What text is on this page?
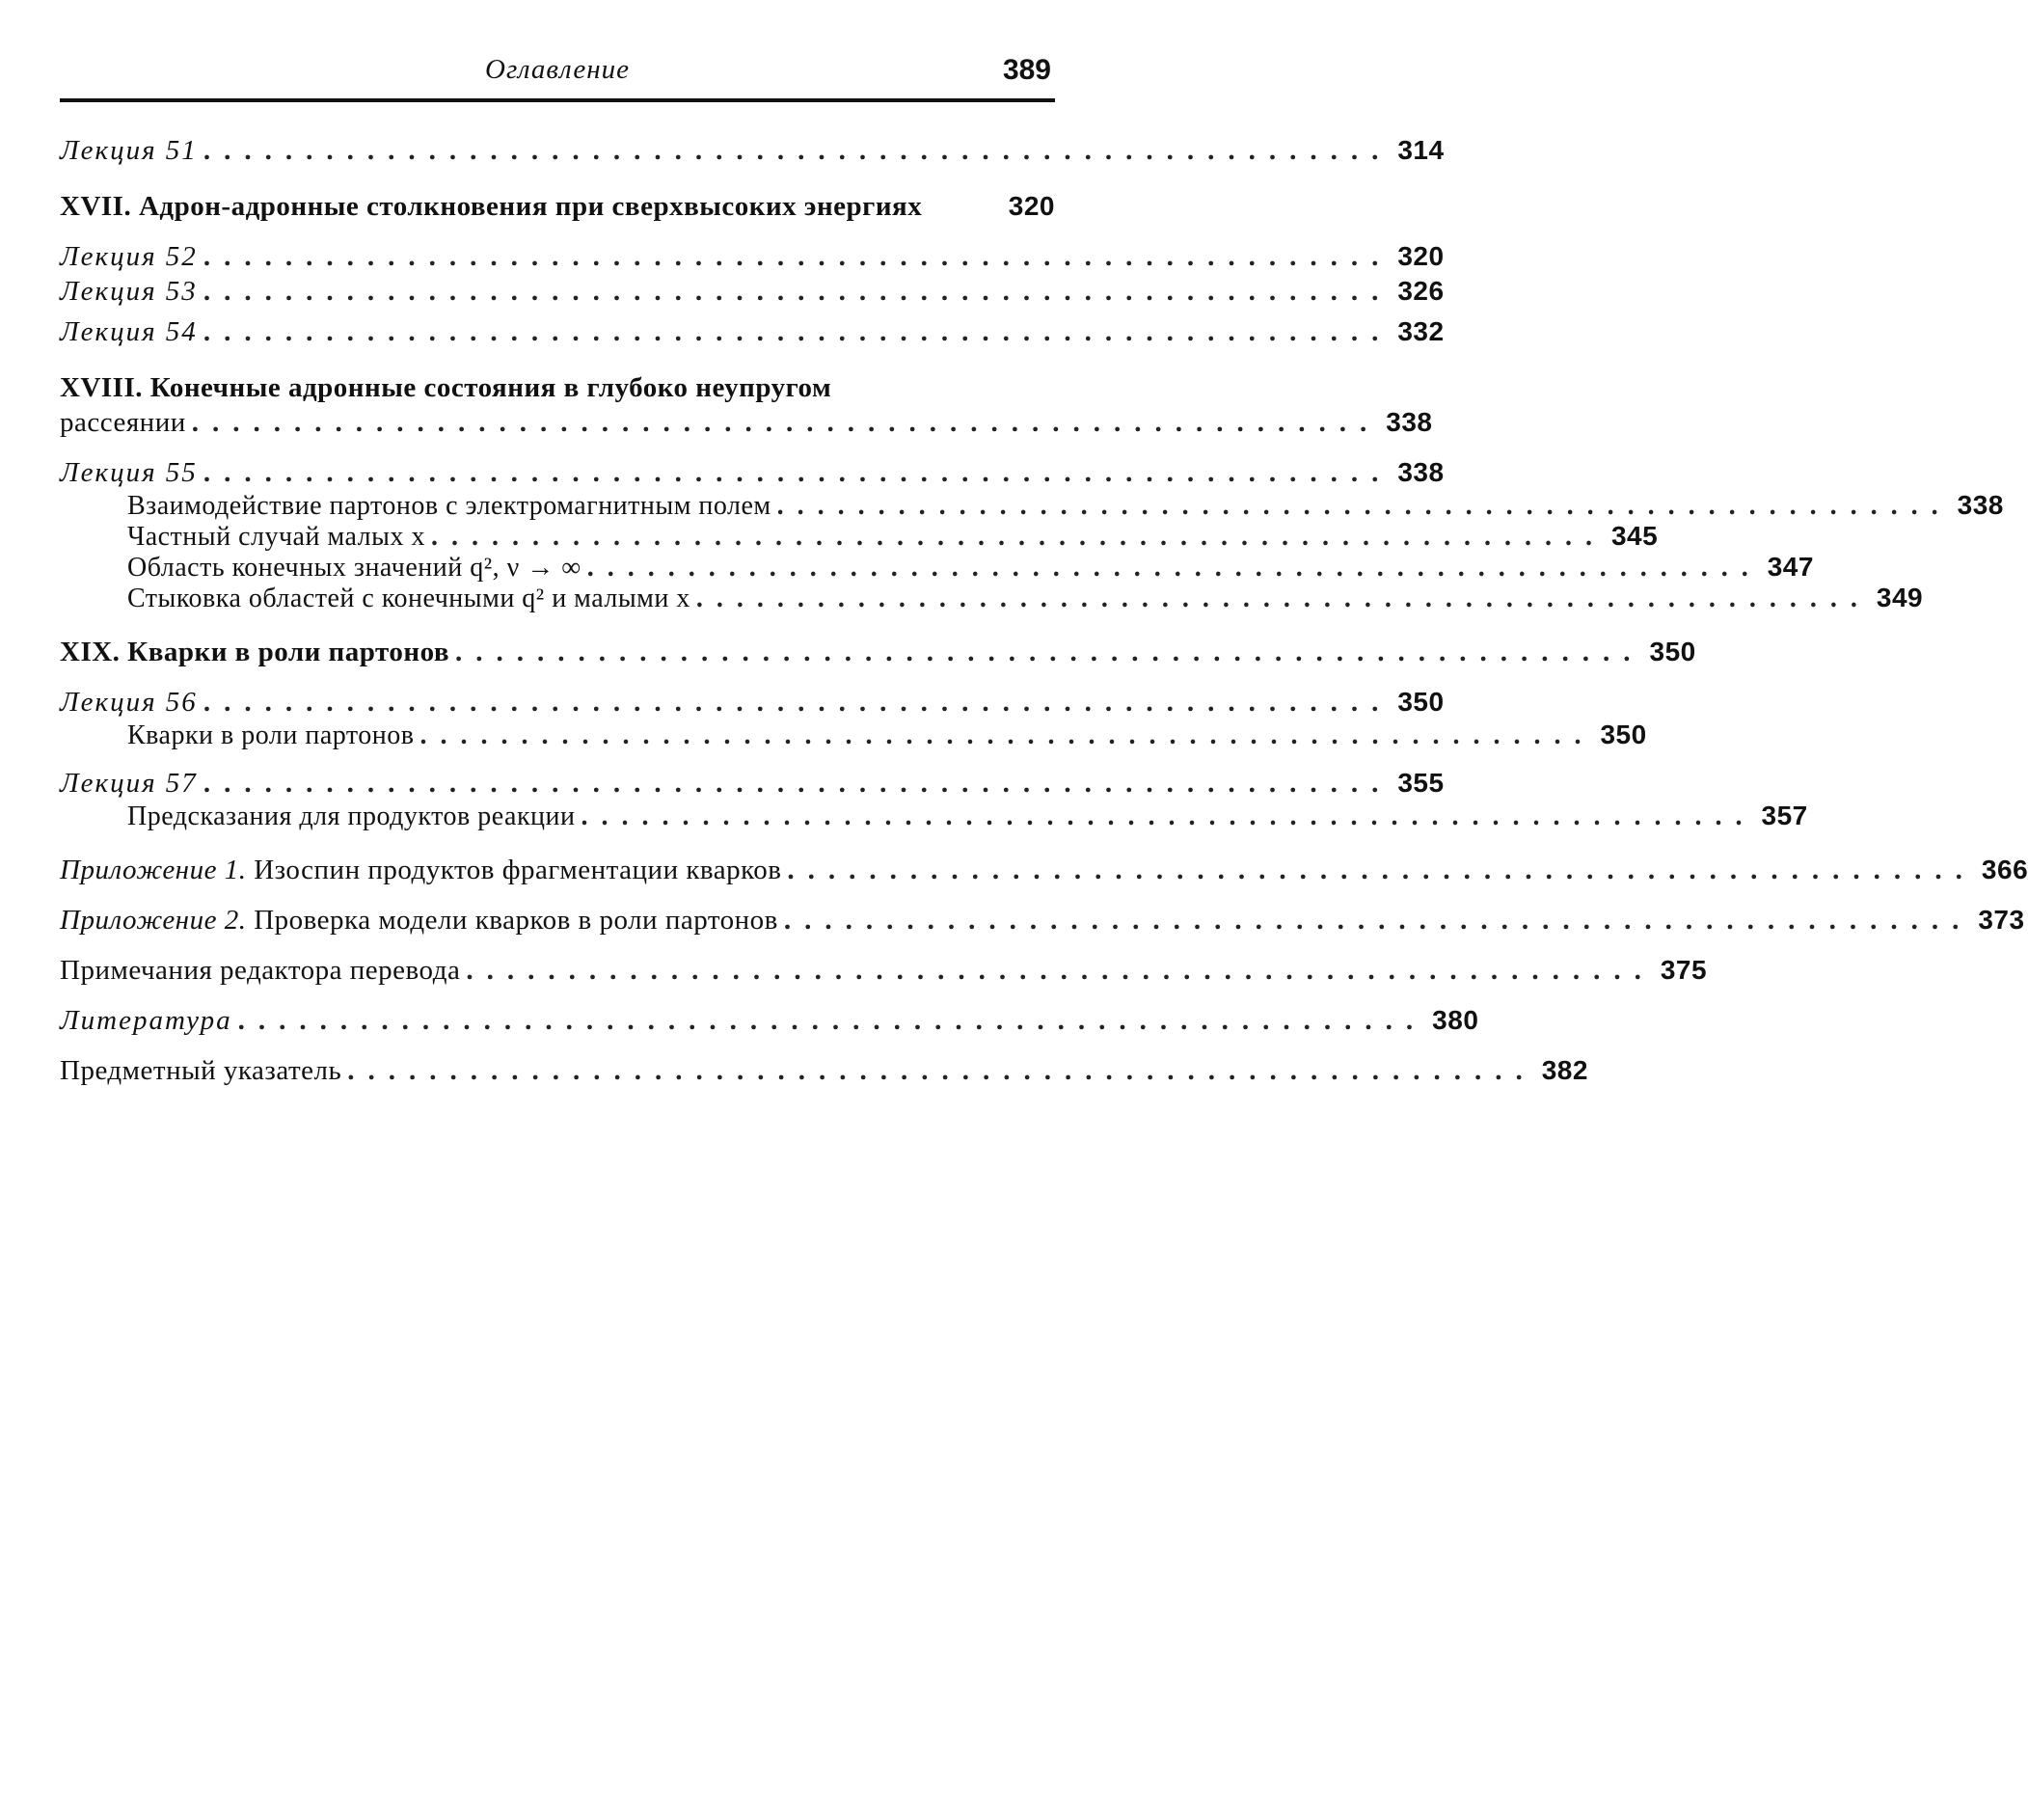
Оглавление	389
Лекция 51 .......................................................... 314
XVII. Адрон-адронные столкновения при сверхвысоких энергиях	320
Лекция 52 .......................................................... 320
Лекция 53 .......................................................... 326
Лекция 54 .......................................................... 332
XVIII. Конечные адронные состояния в глубоко неупругом
рассеянии .......................................................... 338
Лекция 55 .......................................................... 338
Взаимодействие партонов с электромагнитным полем .......................................................... 338
Частный случай малых x .......................................................... 345
Область конечных значений q², ν → ∞ .......................................................... 347
Стыковка областей с конечными q² и малыми x .......................................................... 349
XIX. Кварки в роли партонов .......................................................... 350
Лекция 56 .......................................................... 350
Кварки в роли партонов .......................................................... 350
Лекция 57 .......................................................... 355
Предсказания для продуктов реакции .......................................................... 357
Приложение 1. Изоспин продуктов фрагментации кварков .......................................................... 366
Приложение 2. Проверка модели кварков в роли партонов .......................................................... 373
Примечания редактора перевода .......................................................... 375
Литература .......................................................... 380
Предметный указатель .......................................................... 382
